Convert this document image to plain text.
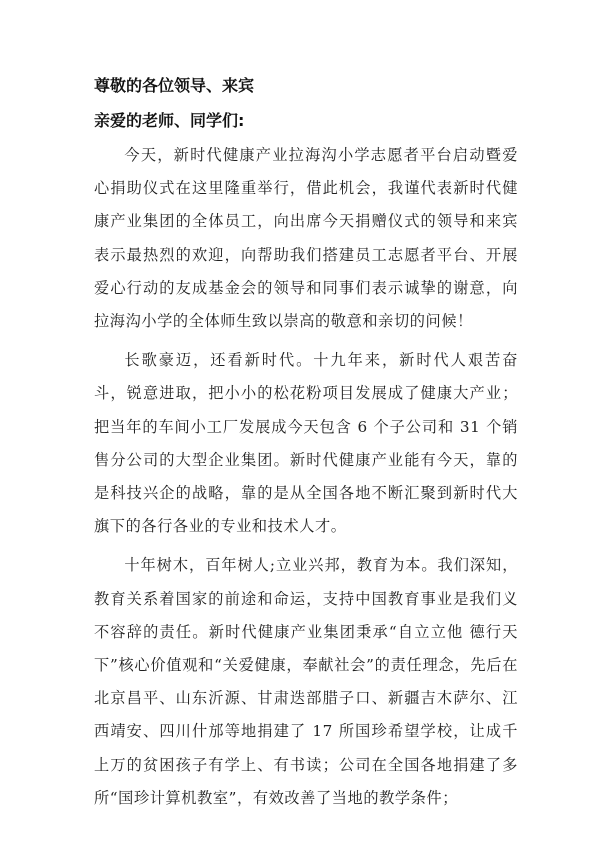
尊敬的各位领导、来宾

亲爱的老师、同学们:

今天，新时代健康产业拉海沟小学志愿者平台启动暨爱心捐助仪式在这里隆重举行，借此机会，我谨代表新时代健康产业集团的全体员工，向出席今天捐赠仪式的领导和来宾表示最热烈的欢迎，向帮助我们搭建员工志愿者平台、开展爱心行动的友成基金会的领导和同事们表示诚挚的谢意，向拉海沟小学的全体师生致以崇高的敬意和亲切的问候！

长歌豪迈，还看新时代。十九年来，新时代人艰苦奋斗，锐意进取，把小小的松花粉项目发展成了健康大产业；把当年的车间小工厂发展成今天包含 6 个子公司和 31 个销售分公司的大型企业集团。新时代健康产业能有今天，靠的是科技兴企的战略，靠的是从全国各地不断汇聚到新时代大旗下的各行各业的专业和技术人才。

十年树木，百年树人;立业兴邦，教育为本。我们深知，教育关系着国家的前途和命运，支持中国教育事业是我们义不容辞的责任。新时代健康产业集团秉承“自立立他 德行天下”核心价值观和“关爱健康，奉献社会”的责任理念，先后在北京昌平、山东沂源、甘肃迭部腊子口、新疆吉木萨尔、江西靖安、四川什邡等地捐建了 17 所国珍希望学校，让成千上万的贫困孩子有学上、有书读；公司在全国各地捐建了多所“国珍计算机教室”，有效改善了当地的教学条件；
